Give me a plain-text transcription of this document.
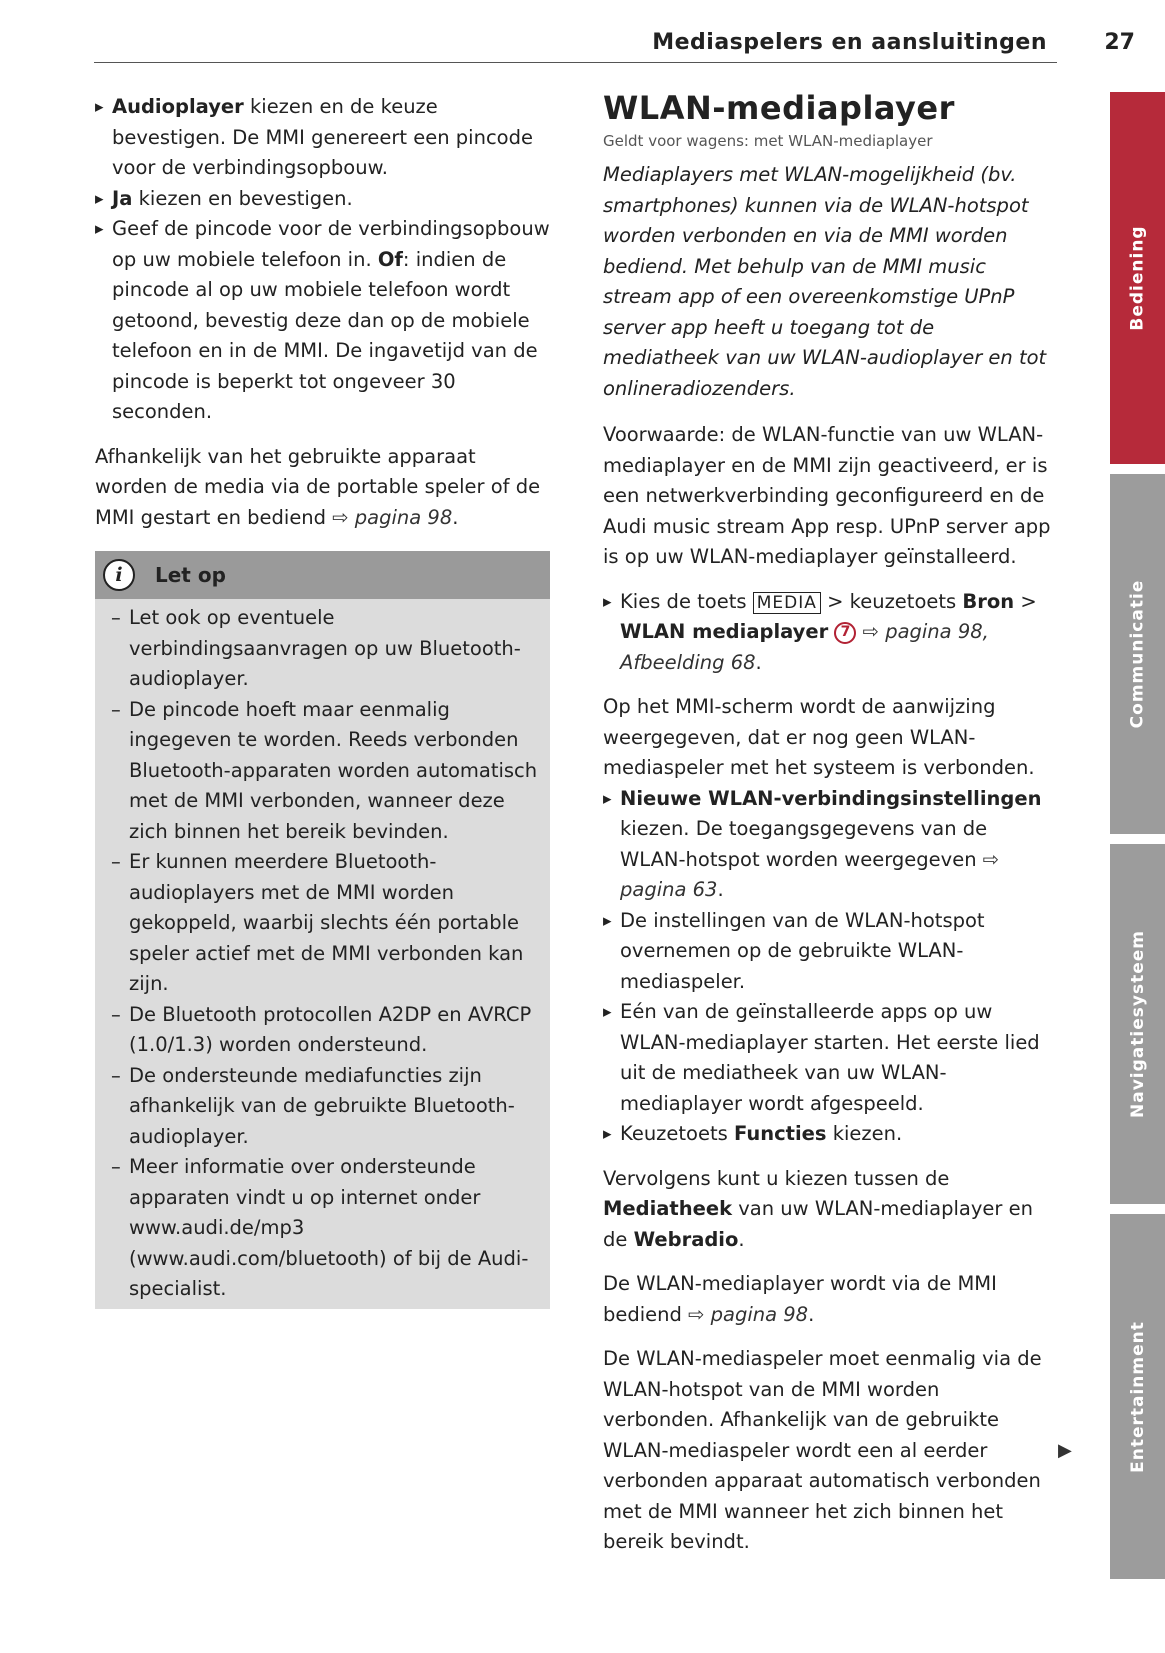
Mediaspelers en aansluitingen	27

▸ Audioplayer kiezen en de keuze bevestigen. De MMI genereert een pincode voor de verbindingsopbouw.

▸ Ja kiezen en bevestigen.

▸ Geef de pincode voor de verbindingsopbouw op uw mobiele telefoon in. Of: indien de pincode al op uw mobiele telefoon wordt getoond, bevestig deze dan op de mobiele telefoon en in de MMI. De ingavetijd van de pincode is beperkt tot ongeveer 30 seconden.

Afhankelijk van het gebruikte apparaat worden de media via de portable speler of de MMI gestart en bediend ⇨ pagina 98.

i	Let op

– Let ook op eventuele verbindingsaanvragen op uw Bluetooth-audioplayer.

– De pincode hoeft maar eenmalig ingegeven te worden. Reeds verbonden Bluetooth-apparaten worden automatisch met de MMI verbonden, wanneer deze zich binnen het bereik bevinden.

– Er kunnen meerdere Bluetooth-audioplayers met de MMI worden gekoppeld, waarbij slechts één portable speler actief met de MMI verbonden kan zijn.

– De Bluetooth protocollen A2DP en AVRCP (1.0/1.3) worden ondersteund.

– De ondersteunde mediafuncties zijn afhankelijk van de gebruikte Bluetooth-audioplayer.

– Meer informatie over ondersteunde apparaten vindt u op internet onder www.audi.de/mp3 (www.audi.com/bluetooth) of bij de Audi-specialist.

WLAN-mediaplayer

Geldt voor wagens: met WLAN-mediaplayer

Mediaplayers met WLAN-mogelijkheid (bv. smartphones) kunnen via de WLAN-hotspot worden verbonden en via de MMI worden bediend. Met behulp van de MMI music stream app of een overeenkomstige UPnP server app heeft u toegang tot de mediatheek van uw WLAN-audioplayer en tot onlineradiozenders.

Voorwaarde: de WLAN-functie van uw WLAN-mediaplayer en de MMI zijn geactiveerd, er is een netwerkverbinding geconfigureerd en de Audi music stream App resp. UPnP server app is op uw WLAN-mediaplayer geïnstalleerd.

▸ Kies de toets MEDIA > keuzetoets Bron > WLAN mediaplayer 7 ⇨ pagina 98, Afbeelding 68.

Op het MMI-scherm wordt de aanwijzing weergegeven, dat er nog geen WLAN-mediaspeler met het systeem is verbonden.

▸ Nieuwe WLAN-verbindingsinstellingen kiezen. De toegangsgegevens van de WLAN-hotspot worden weergegeven ⇨ pagina 63.

▸ De instellingen van de WLAN-hotspot overnemen op de gebruikte WLAN-mediaspeler.

▸ Eén van de geïnstalleerde apps op uw WLAN-mediaplayer starten. Het eerste lied uit de mediatheek van uw WLAN-mediaplayer wordt afgespeeld.

▸ Keuzetoets Functies kiezen.

Vervolgens kunt u kiezen tussen de Mediatheek van uw WLAN-mediaplayer en de Webradio.

De WLAN-mediaplayer wordt via de MMI bediend ⇨ pagina 98.

De WLAN-mediaspeler moet eenmalig via de WLAN-hotspot van de MMI worden verbonden. Afhankelijk van de gebruikte WLAN-mediaspeler wordt een al eerder verbonden apparaat automatisch verbonden met de MMI wanneer het zich binnen het bereik bevindt.

▶
Bediening
Communicatie
Navigatiesysteem
Entertainment
